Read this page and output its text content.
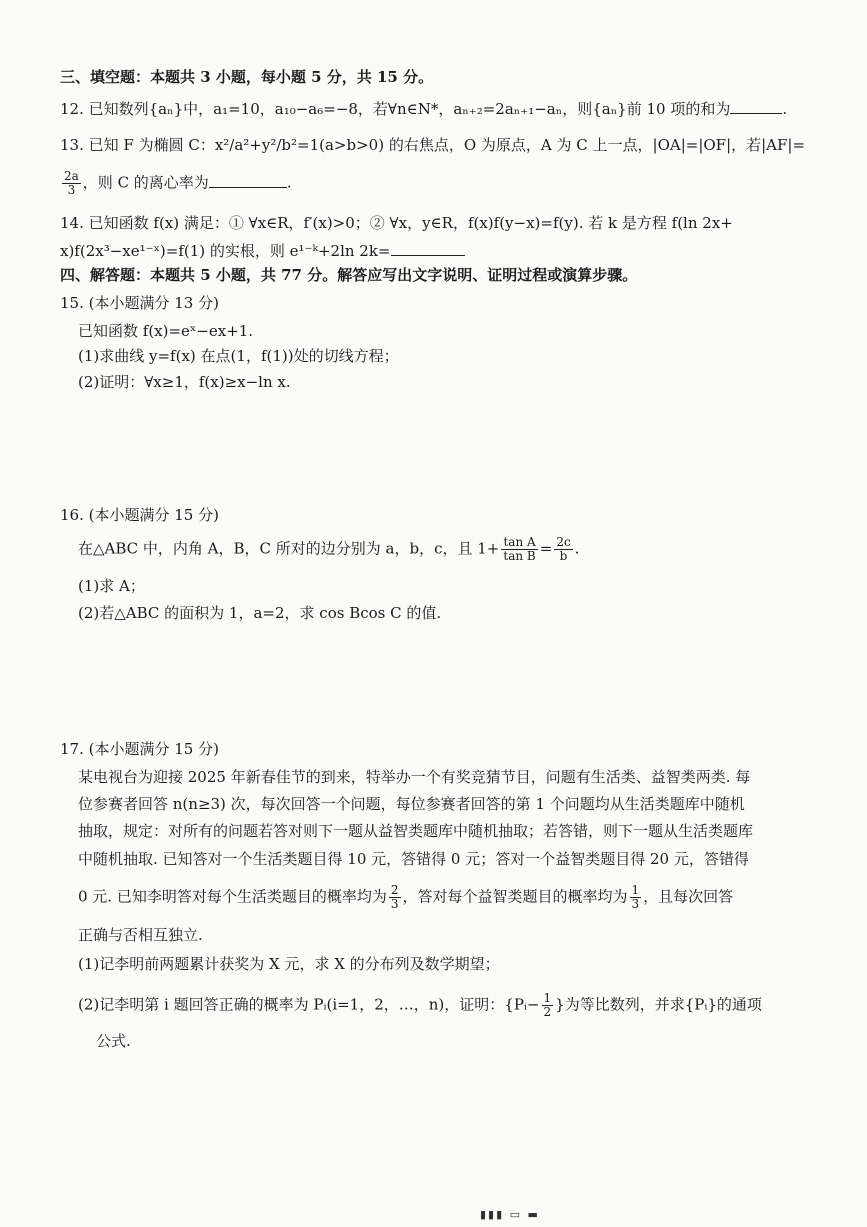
三、填空题：本题共 3 小题，每小题 5 分，共 15 分。
12. 已知数列{aₙ}中，a₁=10，a₁₀−a₆=−8，若∀n∈N*，aₙ₊₂=2aₙ₊₁−aₙ，则{aₙ}前 10 项的和为	.
13. 已知 F 为椭圆 C：x²/a²+y²/b²=1(a>b>0) 的右焦点，O 为原点，A 为 C 上一点，|OA|=|OF|，若|AF|=
$\frac{2a}{3}$ ，则 C 的离心率为	.
14. 已知函数 f(x) 满足：① ∀x∈R，f′(x)>0；② ∀x，y∈R，f(x)f(y−x)=f(y). 若 k 是方程 f(ln 2x+
x)f(2x³−xe¹⁻ˣ)=f(1) 的实根，则 e¹⁻ᵏ+2ln 2k=
四、解答题：本题共 5 小题，共 77 分。解答应写出文字说明、证明过程或演算步骤。
15. (本小题满分 13 分)
已知函数 f(x)=eˣ−ex+1.
(1)求曲线 y=f(x) 在点(1，f(1))处的切线方程；
(2)证明：∀x≥1，f(x)≥x−ln x.
16. (本小题满分 15 分)
在△ABC 中，内角 A，B，C 所对的边分别为 a，b，c，且 $1+ \frac{\text{tan A}}{\text{tan B}} = \frac{2c}{b}$ .
(1)求 A；
(2)若△ABC 的面积为 1，a=2，求 cos Bcos C 的值.
17. (本小题满分 15 分)
某电视台为迎接 2025 年新春佳节的到来，特举办一个有奖竞猜节目，问题有生活类、益智类两类. 每
位参赛者回答 n(n≥3) 次，每次回答一个问题，每位参赛者回答的第 1 个问题均从生活类题库中随机
抽取，规定：对所有的问题若答对则下一题从益智类题库中随机抽取；若答错，则下一题从生活类题库
中随机抽取. 已知答对一个生活类题目得 10 元，答错得 0 元；答对一个益智类题目得 20 元，答错得
0 元. 已知李明答对每个生活类题目的概率均为 $\frac{2}{3}$ ，答对每个益智类题目的概率均为 $\frac{1}{3}$ ，且每次回答
正确与否相互独立.
(1)记李明前两题累计获奖为 X 元，求 X 的分布列及数学期望；
(2)记李明第 i 题回答正确的概率为 Pᵢ(i=1，2，…，n)，证明：{Pᵢ− $\frac{1}{2}$ }为等比数列，并求{Pᵢ}的通项
公式.
▮▮▮ ▭ ▬
